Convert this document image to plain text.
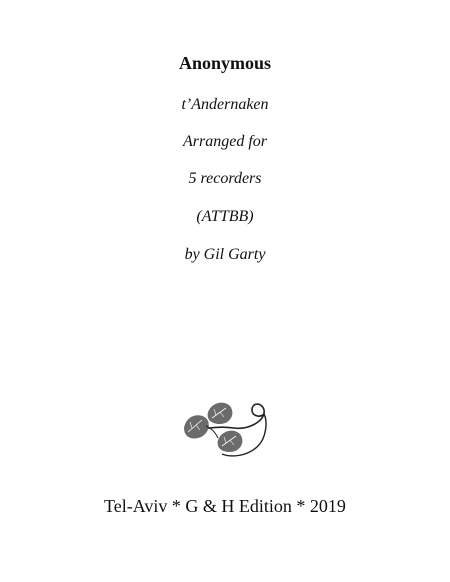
Anonymous
t’Andernaken
Arranged for
5 recorders
(ATTBB)
by Gil Garty
Tel-Aviv * G & H Edition * 2019
